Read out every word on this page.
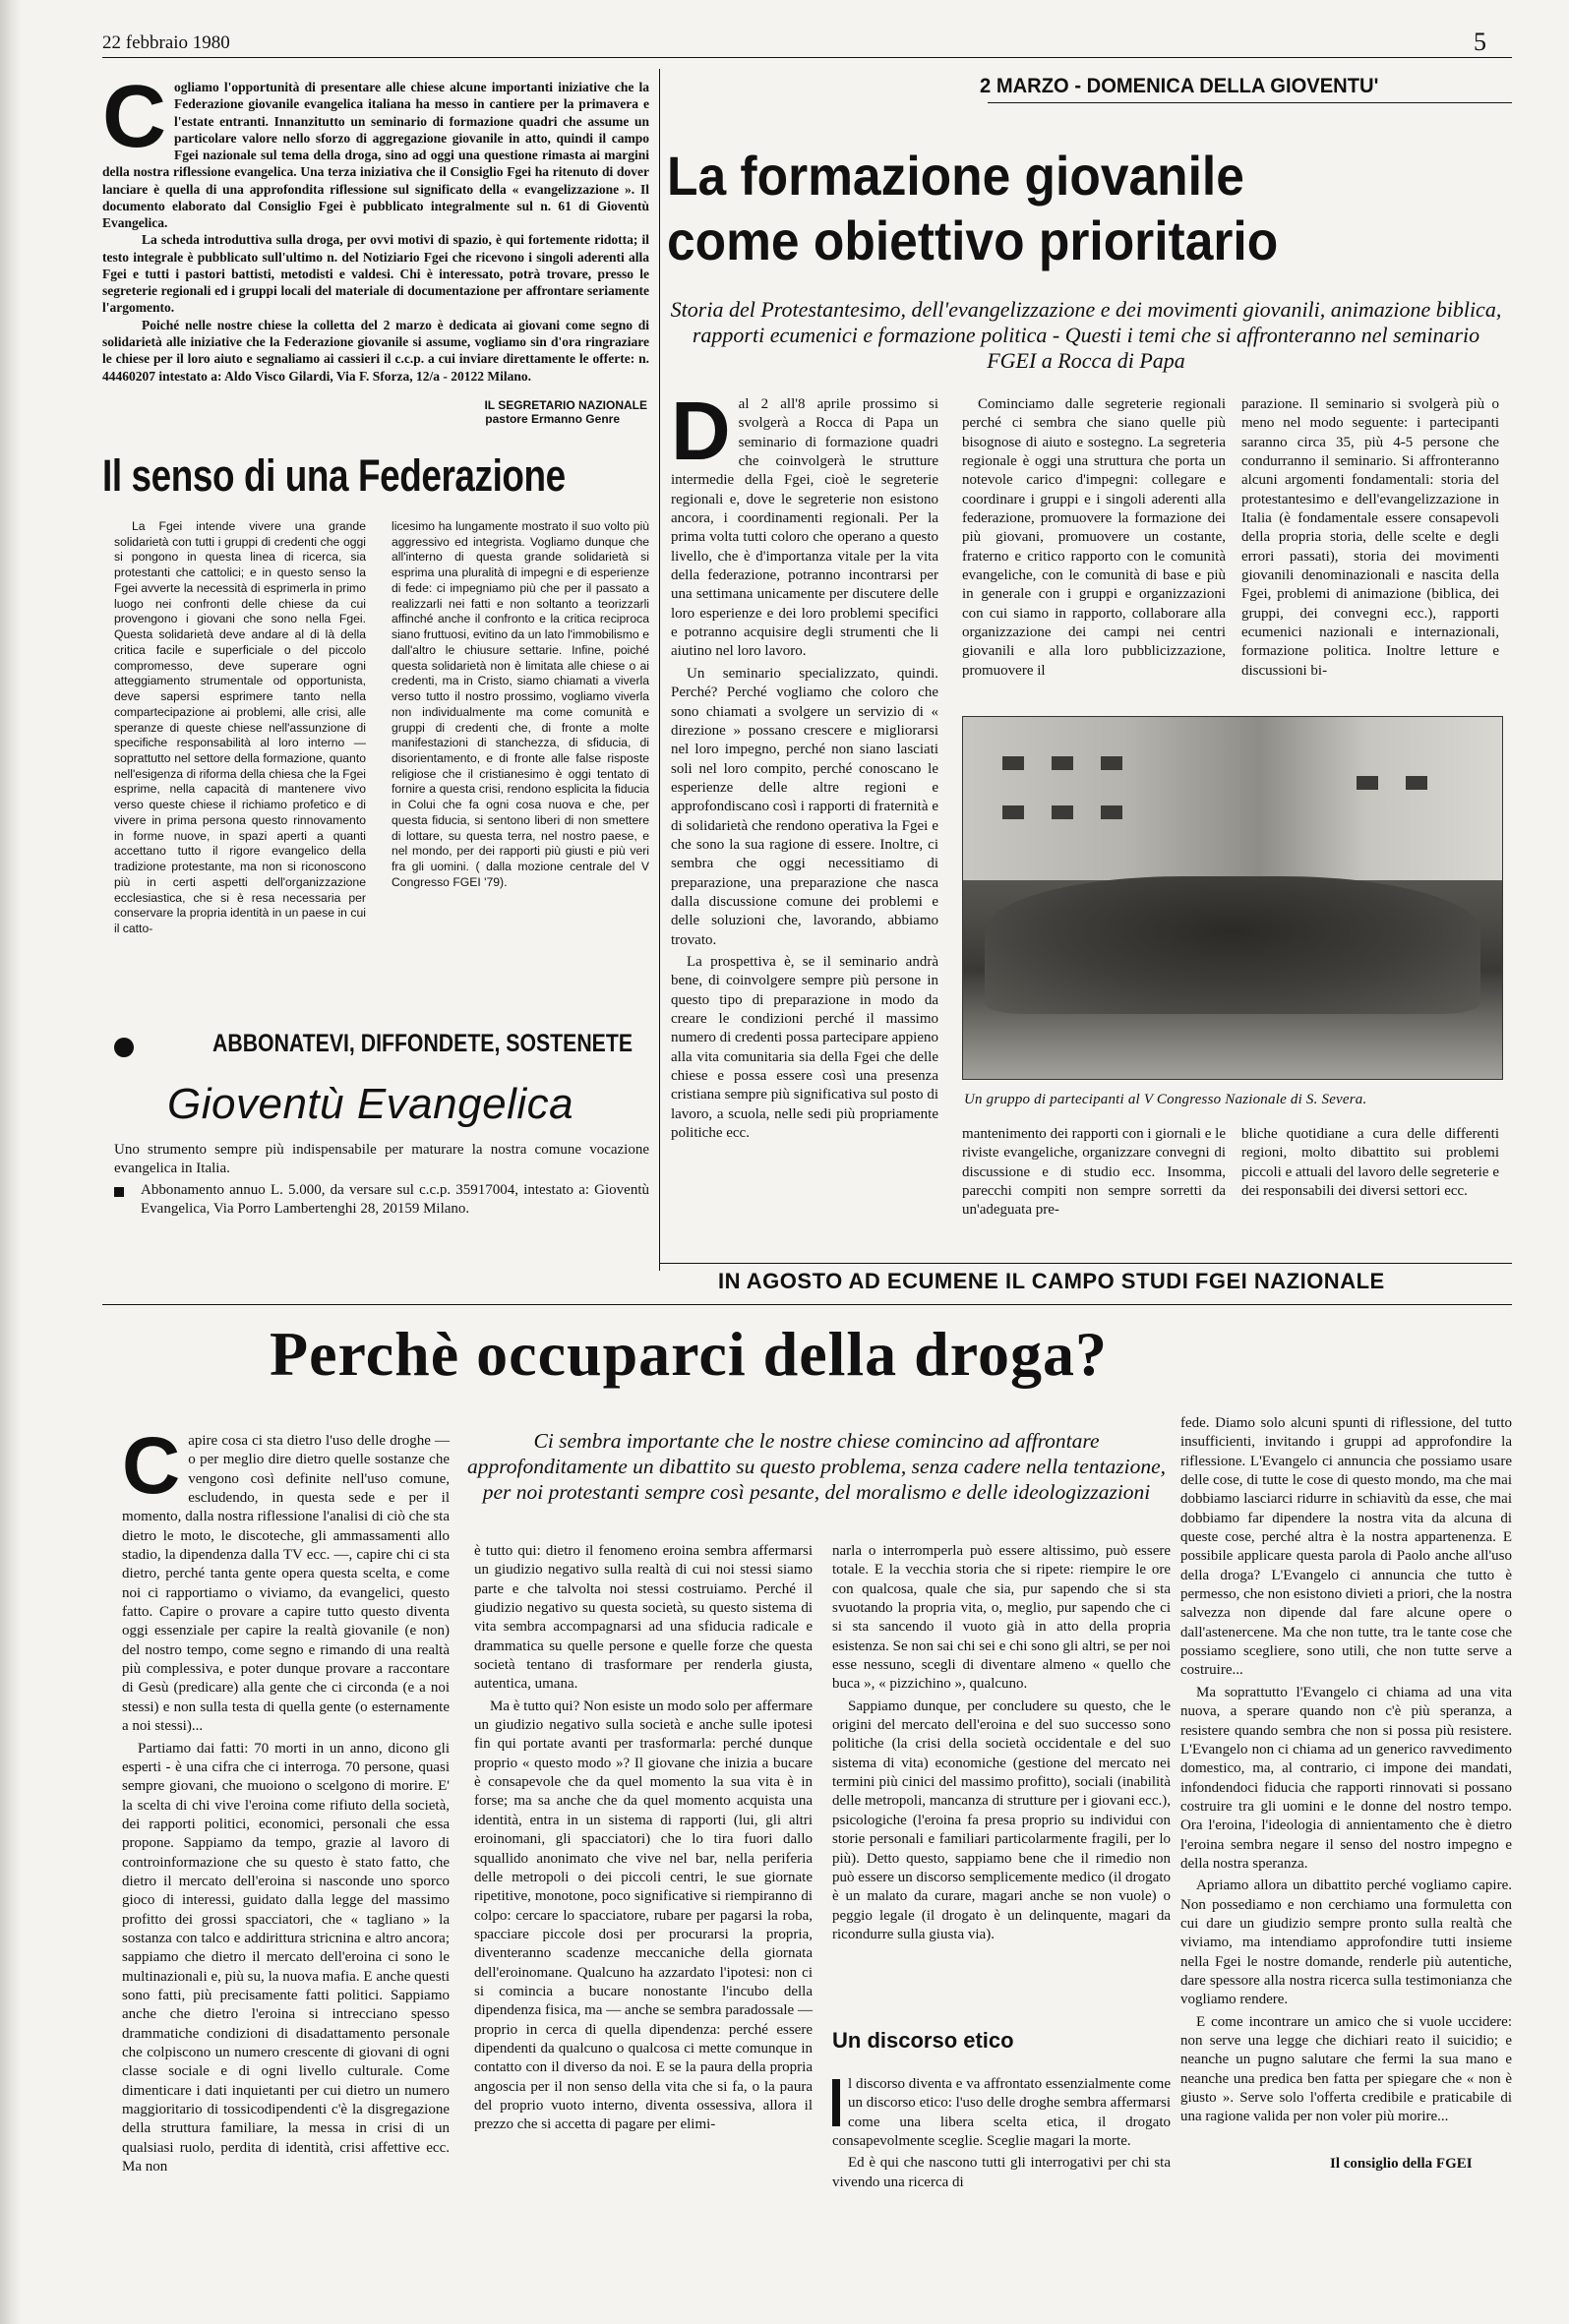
22 febbraio 1980	5
C ogliamo l'opportunità di presentare alle chiese alcune importanti iniziative che la Federazione giovanile evangelica italiana ha messo in cantiere per la primavera e l'estate entranti. Innanzitutto un seminario di formazione quadri che assume un particolare valore nello sforzo di aggregazione giovanile in atto, quindi il campo Fgei nazionale sul tema della droga, sino ad oggi una questione rimasta ai margini della nostra riflessione evangelica. Una terza iniziativa che il Consiglio Fgei ha ritenuto di dover lanciare è quella di una approfondita riflessione sul significato della « evangelizzazione ». Il documento elaborato dal Consiglio Fgei è pubblicato integralmente sul n. 61 di Gioventù Evangelica.

La scheda introduttiva sulla droga, per ovvi motivi di spazio, è qui fortemente ridotta; il testo integrale è pubblicato sull'ultimo n. del Notiziario Fgei che ricevono i singoli aderenti alla Fgei e tutti i pastori battisti, metodisti e valdesi. Chi è interessato, potrà trovare, presso le segreterie regionali ed i gruppi locali del materiale di documentazione per affrontare seriamente l'argomento.

Poiché nelle nostre chiese la colletta del 2 marzo è dedicata ai giovani come segno di solidarietà alle iniziative che la Federazione giovanile si assume, vogliamo sin d'ora ringraziare le chiese per il loro aiuto e segnaliamo ai cassieri il c.c.p. a cui inviare direttamente le offerte: n. 44460207 intestato a: Aldo Visco Gilardi, Via F. Sforza, 12/a - 20122 Milano.

IL SEGRETARIO NAZIONALE
pastore Ermanno Genre
Il senso di una Federazione

La Fgei intende vivere una grande solidarietà con tutti i gruppi di credenti che oggi si pongono in questa linea di ricerca, sia protestanti che cattolici; e in questo senso la Fgei avverte la necessità di esprimerla in primo luogo nei confronti delle chiese da cui provengono i giovani che sono nella Fgei. Questa solidarietà deve andare al di là della critica facile e superficiale o del piccolo compromesso, deve superare ogni atteggiamento strumentale od opportunista, deve sapersi esprimere tanto nella compartecipazione ai problemi, alle crisi, alle speranze di queste chiese nell'assunzione di specifiche responsabilità al loro interno — soprattutto nel settore della formazione, quanto nell'esigenza di riforma della chiesa che la Fgei esprime, nella capacità di mantenere vivo verso queste chiese il richiamo profetico e di vivere in prima persona questo rinnovamento in forme nuove, in spazi aperti a quanti accettano tutto il rigore evangelico della tradizione protestante, ma non si riconoscono più in certi aspetti dell'organizzazione ecclesiastica, che si è resa necessaria per conservare la propria identità in un paese in cui il catto-

licesimo ha lungamente mostrato il suo volto più aggressivo ed integrista. Vogliamo dunque che all'interno di questa grande solidarietà si esprima una pluralità di impegni e di esperienze di fede: ci impegniamo più che per il passato a realizzarli nei fatti e non soltanto a teorizzarli affinché anche il confronto e la critica reciproca siano fruttuosi, evitino da un lato l'immobilismo e dall'altro le chiusure settarie. Infine, poiché questa solidarietà non è limitata alle chiese o ai credenti, ma in Cristo, siamo chiamati a viverla verso tutto il nostro prossimo, vogliamo viverla non individualmente ma come comunità e gruppi di credenti che, di fronte a molte manifestazioni di stanchezza, di sfiducia, di disorientamento, e di fronte alle false risposte religiose che il cristianesimo è oggi tentato di fornire a questa crisi, rendono esplicita la fiducia in Colui che fa ogni cosa nuova e che, per questa fiducia, si sentono liberi di non smettere di lottare, su questa terra, nel nostro paese, e nel mondo, per dei rapporti più giusti e più veri fra gli uomini. ( dalla mozione centrale del V Congresso FGEI '79).

ABBONATEVI, DIFFONDETE, SOSTENETE
Gioventù Evangelica

Uno strumento sempre più indispensabile per maturare la nostra comune vocazione evangelica in Italia.

Abbonamento annuo L. 5.000, da versare sul c.c.p. 35917004, intestato a: Gioventù Evangelica, Via Porro Lambertenghi 28, 20159 Milano.

2 MARZO - DOMENICA DELLA GIOVENTU'
La formazione giovanile
come obiettivo prioritario
Storia del Protestantesimo, dell'evangelizzazione e dei movimenti giovanili, animazione biblica, rapporti ecumenici e formazione politica - Questi i temi che si affronteranno nel seminario FGEI a Rocca di Papa
D al 2 all'8 aprile prossimo si svolgerà a Rocca di Papa un seminario di formazione quadri che coinvolgerà le strutture intermedie della Fgei, cioè le segreterie regionali e, dove le segreterie non esistono ancora, i coordinamenti regionali. Per la prima volta tutti coloro che operano a questo livello, che è d'importanza vitale per la vita della federazione, potranno incontrarsi per una settimana unicamente per discutere delle loro esperienze e dei loro problemi specifici e potranno acquisire degli strumenti che li aiutino nel loro lavoro.

Un seminario specializzato, quindi. Perché? Perché vogliamo che coloro che sono chiamati a svolgere un servizio di « direzione » possano crescere e migliorarsi nel loro impegno, perché non siano lasciati soli nel loro compito, perché conoscano le esperienze delle altre regioni e approfondiscano così i rapporti di fraternità e di solidarietà che rendono operativa la Fgei e che sono la sua ragione di essere. Inoltre, ci sembra che oggi necessitiamo di preparazione, una preparazione che nasca dalla discussione comune dei problemi e delle soluzioni che, lavorando, abbiamo trovato.

La prospettiva è, se il seminario andrà bene, di coinvolgere sempre più persone in questo tipo di preparazione in modo da creare le condizioni perché il massimo numero di credenti possa partecipare appieno alla vita comunitaria sia della Fgei che delle chiese e possa essere così una presenza cristiana sempre più significativa sul posto di lavoro, a scuola, nelle sedi più propriamente politiche ecc.

Cominciamo dalle segreterie regionali perché ci sembra che siano quelle più bisognose di aiuto e sostegno. La segreteria regionale è oggi una struttura che porta un notevole carico d'impegni: collegare e coordinare i gruppi e i singoli aderenti alla federazione, promuovere la formazione dei più giovani, promuovere un costante, fraterno e critico rapporto con le comunità evangeliche, con le comunità di base e più in generale con i gruppi e organizzazioni con cui siamo in rapporto, collaborare alla organizzazione dei campi nei centri giovanili e alla loro pubblicizzazione, promuovere il

parazione. Il seminario si svolgerà più o meno nel modo seguente: i partecipanti saranno circa 35, più 4-5 persone che condurranno il seminario. Si affronteranno alcuni argomenti fondamentali: storia del protestantesimo e dell'evangelizzazione in Italia (è fondamentale essere consapevoli della propria storia, delle scelte e degli errori passati), storia dei movimenti giovanili denominazionali e nascita della Fgei, problemi di animazione (biblica, dei gruppi, dei convegni ecc.), rapporti ecumenici nazionali e internazionali, formazione politica. Inoltre letture e discussioni bi-

Un gruppo di partecipanti al V Congresso Nazionale di S. Severa.

mantenimento dei rapporti con i giornali e le riviste evangeliche, organizzare convegni di discussione e di studio ecc. Insomma, parecchi compiti non sempre sorretti da un'adeguata pre-

bliche quotidiane a cura delle differenti regioni, molto dibattito sui problemi piccoli e attuali del lavoro delle segreterie e dei responsabili dei diversi settori ecc.

IN AGOSTO AD ECUMENE IL CAMPO STUDI FGEI NAZIONALE
Perchè occuparci della droga?
Ci sembra importante che le nostre chiese comincino ad affrontare approfonditamente un dibattito su questo problema, senza cadere nella tentazione, per noi protestanti sempre così pesante, del moralismo e delle ideologizzazioni
C apire cosa ci sta dietro l'uso delle droghe — o per meglio dire dietro quelle sostanze che vengono così definite nell'uso comune, escludendo, in questa sede e per il momento, dalla nostra riflessione l'analisi di ciò che sta dietro le moto, le discoteche, gli ammassamenti allo stadio, la dipendenza dalla TV ecc. —, capire chi ci sta dietro, perché tanta gente opera questa scelta, e come noi ci rapportiamo o viviamo, da evangelici, questo fatto. Capire o provare a capire tutto questo diventa oggi essenziale per capire la realtà giovanile (e non) del nostro tempo, come segno e rimando di una realtà più complessiva, e poter dunque provare a raccontare di Gesù (predicare) alla gente che ci circonda (e a noi stessi) e non sulla testa di quella gente (o esternamente a noi stessi)...

Partiamo dai fatti: 70 morti in un anno, dicono gli esperti - è una cifra che ci interroga. 70 persone, quasi sempre giovani, che muoiono o scelgono di morire. E' la scelta di chi vive l'eroina come rifiuto della società, dei rapporti politici, economici, personali che essa propone. Sappiamo da tempo, grazie al lavoro di controinformazione che su questo è stato fatto, che dietro il mercato dell'eroina si nasconde uno sporco gioco di interessi, guidato dalla legge del massimo profitto dei grossi spacciatori, che « tagliano » la sostanza con talco e addirittura stricnina e altro ancora; sappiamo che dietro il mercato dell'eroina ci sono le multinazionali e, più su, la nuova mafia. E anche questi sono fatti, più precisamente fatti politici. Sappiamo anche che dietro l'eroina si intrecciano spesso drammatiche condizioni di disadattamento personale che colpiscono un numero crescente di giovani di ogni classe sociale e di ogni livello culturale. Come dimenticare i dati inquietanti per cui dietro un numero maggioritario di tossicodipendenti c'è la disgregazione della struttura familiare, la messa in crisi di un qualsiasi ruolo, perdita di identità, crisi affettive ecc. Ma non

è tutto qui: dietro il fenomeno eroina sembra affermarsi un giudizio negativo sulla realtà di cui noi stessi siamo parte e che talvolta noi stessi costruiamo. Perché il giudizio negativo su questa società, su questo sistema di vita sembra accompagnarsi ad una sfiducia radicale e drammatica su quelle persone e quelle forze che questa società tentano di trasformare per renderla giusta, autentica, umana.

Ma è tutto qui? Non esiste un modo solo per affermare un giudizio negativo sulla società e anche sulle ipotesi fin qui portate avanti per trasformarla: perché dunque proprio « questo modo »? Il giovane che inizia a bucare è consapevole che da quel momento la sua vita è in forse; ma sa anche che da quel momento acquista una identità, entra in un sistema di rapporti (lui, gli altri eroinomani, gli spacciatori) che lo tira fuori dallo squallido anonimato che vive nel bar, nella periferia delle metropoli o dei piccoli centri, le sue giornate ripetitive, monotone, poco significative si riempiranno di colpo: cercare lo spacciatore, rubare per pagarsi la roba, spacciare piccole dosi per procurarsi la propria, diventeranno scadenze meccaniche della giornata dell'eroinomane. Qualcuno ha azzardato l'ipotesi: non ci si comincia a bucare nonostante l'incubo della dipendenza fisica, ma — anche se sembra paradossale — proprio in cerca di quella dipendenza: perché essere dipendenti da qualcuno o qualcosa ci mette comunque in contatto con il diverso da noi. E se la paura della propria angoscia per il non senso della vita che si fa, o la paura del proprio vuoto interno, diventa ossessiva, allora il prezzo che si accetta di pagare per elimi-

narla o interromperla può essere altissimo, può essere totale. E la vecchia storia che si ripete: riempire le ore con qualcosa, quale che sia, pur sapendo che si sta svuotando la propria vita, o, meglio, pur sapendo che ci si sta sancendo il vuoto già in atto della propria esistenza. Se non sai chi sei e chi sono gli altri, se per noi esse nessuno, scegli di diventare almeno « quello che buca », « pizzichino », qualcuno.

Sappiamo dunque, per concludere su questo, che le origini del mercato dell'eroina e del suo successo sono politiche (la crisi della società occidentale e del suo sistema di vita) economiche (gestione del mercato nei termini più cinici del massimo profitto), sociali (inabilità delle metropoli, mancanza di strutture per i giovani ecc.), psicologiche (l'eroina fa presa proprio su individui con storie personali e familiari particolarmente fragili, per lo più). Detto questo, sappiamo bene che il rimedio non può essere un discorso semplicemente medico (il drogato è un malato da curare, magari anche se non vuole) o peggio legale (il drogato è un delinquente, magari da ricondurre sulla giusta via).

Un discorso etico

l discorso diventa e va affrontato essenzialmente come un discorso etico: l'uso delle droghe sembra affermarsi come una libera scelta etica, il drogato consapevolmente sceglie. Sceglie magari la morte.

Ed è qui che nascono tutti gli interrogativi per chi sta vivendo una ricerca di

fede. Diamo solo alcuni spunti di riflessione, del tutto insufficienti, invitando i gruppi ad approfondire la riflessione. L'Evangelo ci annuncia che possiamo usare delle cose, di tutte le cose di questo mondo, ma che mai dobbiamo lasciarci ridurre in schiavitù da esse, che mai dobbiamo far dipendere la nostra vita da alcuna di queste cose, perché altra è la nostra appartenenza. E possibile applicare questa parola di Paolo anche all'uso della droga? L'Evangelo ci annuncia che tutto è permesso, che non esistono divieti a priori, che la nostra salvezza non dipende dal fare alcune opere o dall'astenercene. Ma che non tutte, tra le tante cose che possiamo scegliere, sono utili, che non tutte serve a costruire...

Ma soprattutto l'Evangelo ci chiama ad una vita nuova, a sperare quando non c'è più speranza, a resistere quando sembra che non si possa più resistere. L'Evangelo non ci chiama ad un generico ravvedimento domestico, ma, al contrario, ci impone dei mandati, infondendoci fiducia che rapporti rinnovati si possano costruire tra gli uomini e le donne del nostro tempo. Ora l'eroina, l'ideologia di annientamento che è dietro l'eroina sembra negare il senso del nostro impegno e della nostra speranza.

Apriamo allora un dibattito perché vogliamo capire. Non possediamo e non cerchiamo una formuletta con cui dare un giudizio sempre pronto sulla realtà che viviamo, ma intendiamo approfondire tutti insieme nella Fgei le nostre domande, renderle più autentiche, dare spessore alla nostra ricerca sulla testimonianza che vogliamo rendere.

E come incontrare un amico che si vuole uccidere: non serve una legge che dichiari reato il suicidio; e neanche un pugno salutare che fermi la sua mano e neanche una predica ben fatta per spiegare che « non è giusto ». Serve solo l'offerta credibile e praticabile di una ragione valida per non voler più morire...

Il consiglio della FGEI
